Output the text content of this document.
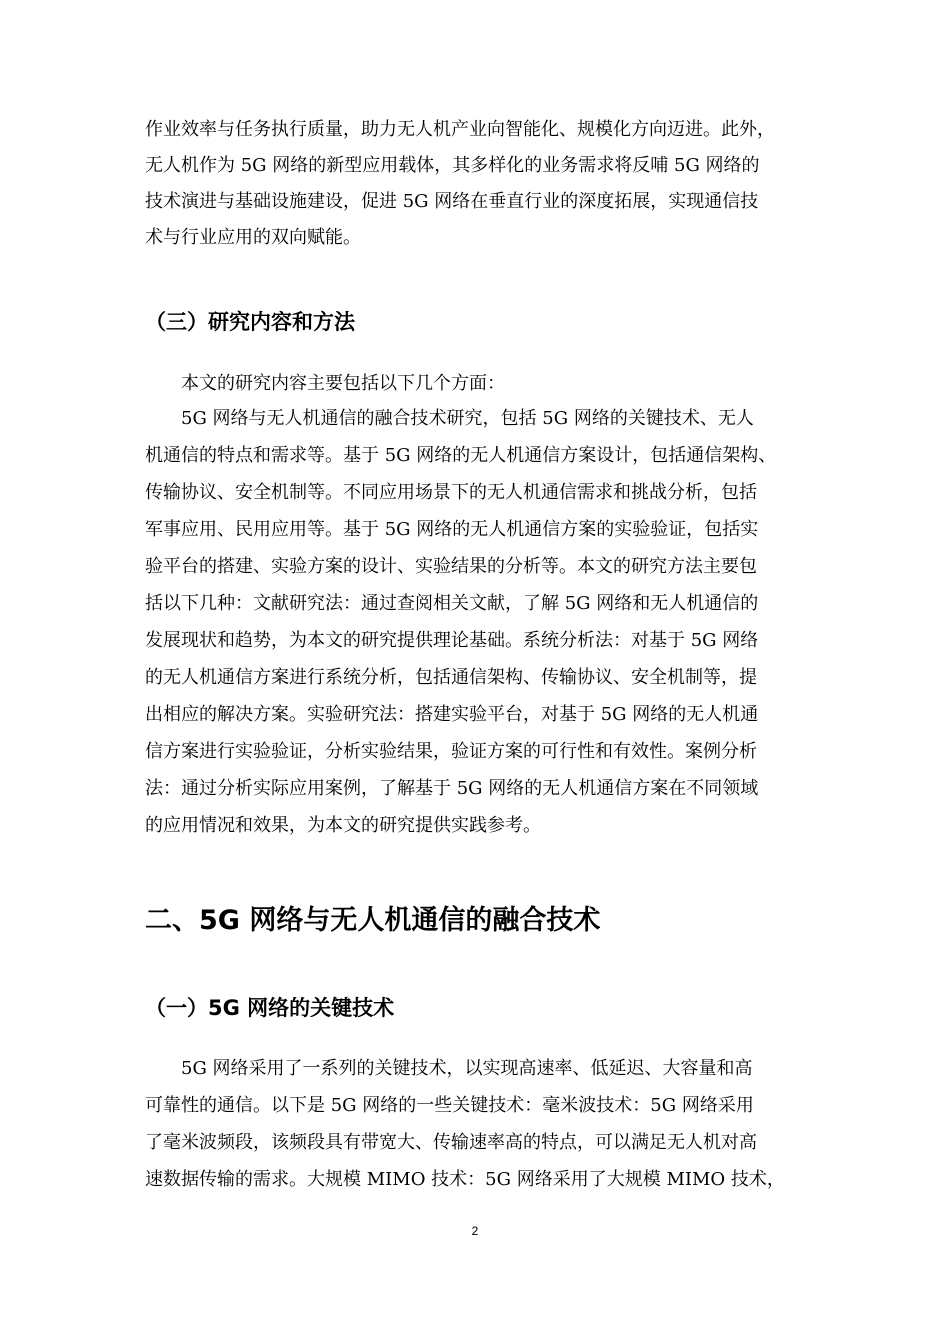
作业效率与任务执行质量，助力无人机产业向智能化、规模化方向迈进。此外，
无人机作为 5G 网络的新型应用载体，其多样化的业务需求将反哺 5G 网络的
技术演进与基础设施建设，促进 5G 网络在垂直行业的深度拓展，实现通信技
术与行业应用的双向赋能。
（三）研究内容和方法
本文的研究内容主要包括以下几个方面：
5G 网络与无人机通信的融合技术研究，包括 5G 网络的关键技术、无人
机通信的特点和需求等。基于 5G 网络的无人机通信方案设计，包括通信架构、
传输协议、安全机制等。不同应用场景下的无人机通信需求和挑战分析，包括
军事应用、民用应用等。基于 5G 网络的无人机通信方案的实验验证，包括实
验平台的搭建、实验方案的设计、实验结果的分析等。本文的研究方法主要包
括以下几种：文献研究法：通过查阅相关文献，了解 5G 网络和无人机通信的
发展现状和趋势，为本文的研究提供理论基础。系统分析法：对基于 5G 网络
的无人机通信方案进行系统分析，包括通信架构、传输协议、安全机制等，提
出相应的解决方案。实验研究法：搭建实验平台，对基于 5G 网络的无人机通
信方案进行实验验证，分析实验结果，验证方案的可行性和有效性。案例分析
法：通过分析实际应用案例，了解基于 5G 网络的无人机通信方案在不同领域
的应用情况和效果，为本文的研究提供实践参考。
二、5G 网络与无人机通信的融合技术
（一）5G 网络的关键技术
5G 网络采用了一系列的关键技术，以实现高速率、低延迟、大容量和高
可靠性的通信。以下是 5G 网络的一些关键技术：毫米波技术：5G 网络采用
了毫米波频段，该频段具有带宽大、传输速率高的特点，可以满足无人机对高
速数据传输的需求。大规模 MIMO 技术：5G 网络采用了大规模 MIMO 技术，
2
